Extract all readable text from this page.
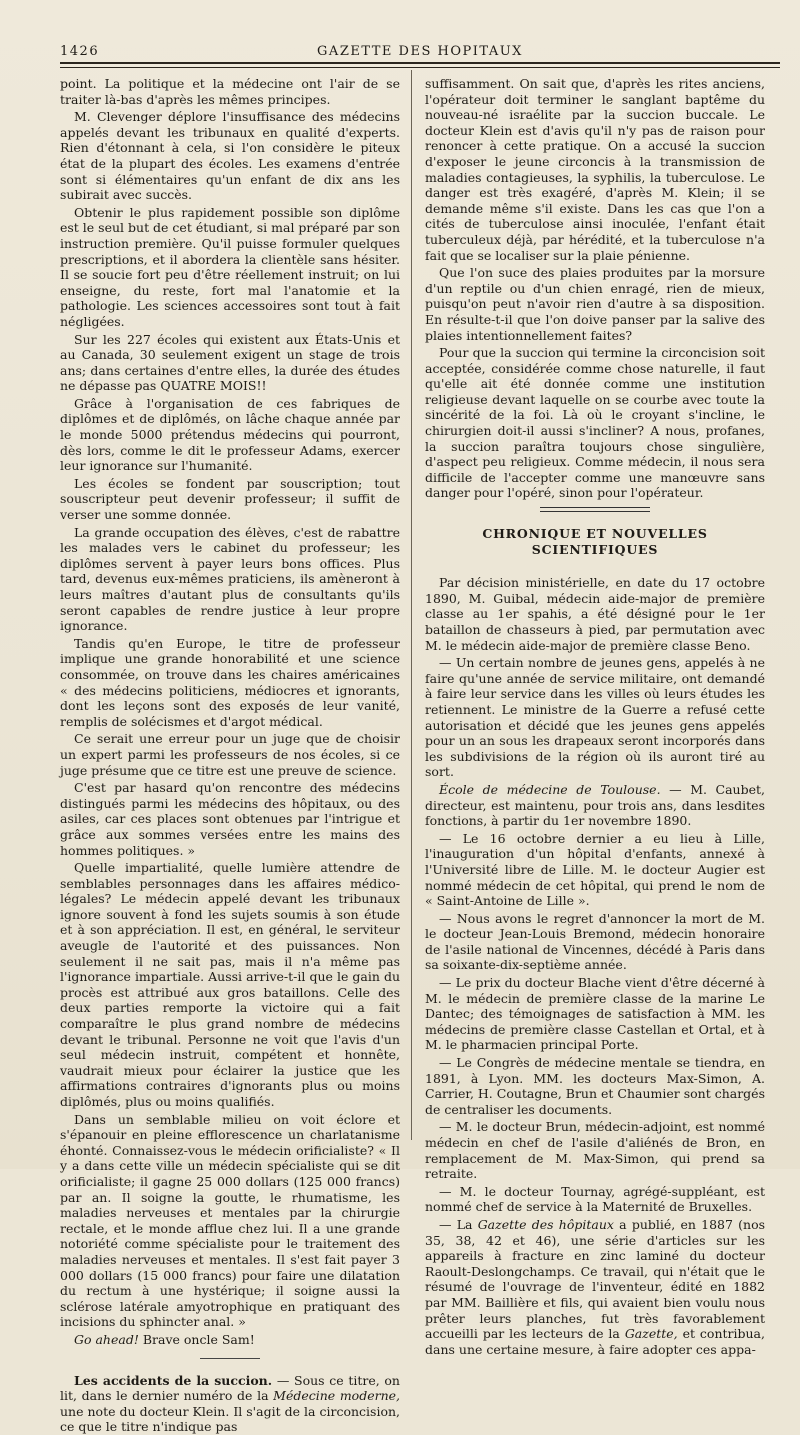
1426	GAZETTE DES HOPITAUX

point. La politique et la médecine ont l'air de se traiter là-bas d'après les mêmes principes.

M. Clevenger déplore l'insuffisance des médecins appelés devant les tribunaux en qualité d'experts. Rien d'étonnant à cela, si l'on considère le piteux état de la plupart des écoles. Les examens d'entrée sont si élémentaires qu'un enfant de dix ans les subirait avec succès.

Obtenir le plus rapidement possible son diplôme est le seul but de cet étudiant, si mal préparé par son instruction première. Qu'il puisse formuler quelques prescriptions, et il abordera la clientèle sans hésiter. Il se soucie fort peu d'être réellement instruit; on lui enseigne, du reste, fort mal l'anatomie et la pathologie. Les sciences accessoires sont tout à fait négligées.

Sur les 227 écoles qui existent aux États-Unis et au Canada, 30 seulement exigent un stage de trois ans; dans certaines d'entre elles, la durée des études ne dépasse pas QUATRE MOIS!!

Grâce à l'organisation de ces fabriques de diplômes et de diplômés, on lâche chaque année par le monde 5000 prétendus médecins qui pourront, dès lors, comme le dit le professeur Adams, exercer leur ignorance sur l'humanité.

Les écoles se fondent par souscription; tout souscripteur peut devenir professeur; il suffit de verser une somme donnée.

La grande occupation des élèves, c'est de rabattre les malades vers le cabinet du professeur; les diplômes servent à payer leurs bons offices. Plus tard, devenus eux-mêmes praticiens, ils amèneront à leurs maîtres d'autant plus de consultants qu'ils seront capables de rendre justice à leur propre ignorance.

Tandis qu'en Europe, le titre de professeur implique une grande honorabilité et une science consommée, on trouve dans les chaires américaines « des médecins politiciens, médiocres et ignorants, dont les leçons sont des exposés de leur vanité, remplis de solécismes et d'argot médical.

Ce serait une erreur pour un juge que de choisir un expert parmi les professeurs de nos écoles, si ce juge présume que ce titre est une preuve de science.

C'est par hasard qu'on rencontre des médecins distingués parmi les médecins des hôpitaux, ou des asiles, car ces places sont obtenues par l'intrigue et grâce aux sommes versées entre les mains des hommes politiques. »

Quelle impartialité, quelle lumière attendre de semblables personnages dans les affaires médico-légales? Le médecin appelé devant les tribunaux ignore souvent à fond les sujets soumis à son étude et à son appréciation. Il est, en général, le serviteur aveugle de l'autorité et des puissances. Non seulement il ne sait pas, mais il n'a même pas l'ignorance impartiale. Aussi arrive-t-il que le gain du procès est attribué aux gros bataillons. Celle des deux parties remporte la victoire qui a fait comparaître le plus grand nombre de médecins devant le tribunal. Personne ne voit que l'avis d'un seul médecin instruit, compétent et honnête, vaudrait mieux pour éclairer la justice que les affirmations contraires d'ignorants plus ou moins diplômés, plus ou moins qualifiés.

Dans un semblable milieu on voit éclore et s'épanouir en pleine efflorescence un charlatanisme éhonté. Connaissez-vous le médecin orificialiste? « Il y a dans cette ville un médecin spécialiste qui se dit orificialiste; il gagne 25 000 dollars (125 000 francs) par an. Il soigne la goutte, le rhumatisme, les maladies nerveuses et mentales par la chirurgie rectale, et le monde afflue chez lui. Il a une grande notoriété comme spécialiste pour le traitement des maladies nerveuses et mentales. Il s'est fait payer 3 000 dollars (15 000 francs) pour faire une dilatation du rectum à une hystérique; il soigne aussi la sclérose latérale amyotrophique en pratiquant des incisions du sphincter anal. »

Go ahead! Brave oncle Sam!

Les accidents de la succion. — Sous ce titre, on lit, dans le dernier numéro de la Médecine moderne, une note du docteur Klein. Il s'agit de la circoncision, ce que le titre n'indique pas

suffisamment. On sait que, d'après les rites anciens, l'opérateur doit terminer le sanglant baptême du nouveau-né israélite par la succion buccale. Le docteur Klein est d'avis qu'il n'y pas de raison pour renoncer à cette pratique. On a accusé la succion d'exposer le jeune circoncis à la transmission de maladies contagieuses, la syphilis, la tuberculose. Le danger est très exagéré, d'après M. Klein; il se demande même s'il existe. Dans les cas que l'on a cités de tuberculose ainsi inoculée, l'enfant était tuberculeux déjà, par hérédité, et la tuberculose n'a fait que se localiser sur la plaie pénienne.

Que l'on suce des plaies produites par la morsure d'un reptile ou d'un chien enragé, rien de mieux, puisqu'on peut n'avoir rien d'autre à sa disposition. En résulte-t-il que l'on doive panser par la salive des plaies intentionnellement faites?

Pour que la succion qui termine la circoncision soit acceptée, considérée comme chose naturelle, il faut qu'elle ait été donnée comme une institution religieuse devant laquelle on se courbe avec toute la sincérité de la foi. Là où le croyant s'incline, le chirurgien doit-il aussi s'incliner? A nous, profanes, la succion paraîtra toujours chose singulière, d'aspect peu religieux. Comme médecin, il nous sera difficile de l'accepter comme une manœuvre sans danger pour l'opéré, sinon pour l'opérateur.

CHRONIQUE ET NOUVELLES SCIENTIFIQUES

Par décision ministérielle, en date du 17 octobre 1890, M. Guibal, médecin aide-major de première classe au 1er spahis, a été désigné pour le 1er bataillon de chasseurs à pied, par permutation avec M. le médecin aide-major de première classe Beno.

— Un certain nombre de jeunes gens, appelés à ne faire qu'une année de service militaire, ont demandé à faire leur service dans les villes où leurs études les retiennent. Le ministre de la Guerre a refusé cette autorisation et décidé que les jeunes gens appelés pour un an sous les drapeaux seront incorporés dans les subdivisions de la région où ils auront tiré au sort.

École de médecine de Toulouse. — M. Caubet, directeur, est maintenu, pour trois ans, dans lesdites fonctions, à partir du 1er novembre 1890.

— Le 16 octobre dernier a eu lieu à Lille, l'inauguration d'un hôpital d'enfants, annexé à l'Université libre de Lille. M. le docteur Augier est nommé médecin de cet hôpital, qui prend le nom de « Saint-Antoine de Lille ».

— Nous avons le regret d'annoncer la mort de M. le docteur Jean-Louis Bremond, médecin honoraire de l'asile national de Vincennes, décédé à Paris dans sa soixante-dix-septième année.

— Le prix du docteur Blache vient d'être décerné à M. le médecin de première classe de la marine Le Dantec; des témoignages de satisfaction à MM. les médecins de première classe Castellan et Ortal, et à M. le pharmacien principal Porte.

— Le Congrès de médecine mentale se tiendra, en 1891, à Lyon. MM. les docteurs Max-Simon, A. Carrier, H. Coutagne, Brun et Chaumier sont chargés de centraliser les documents.

— M. le docteur Brun, médecin-adjoint, est nommé médecin en chef de l'asile d'aliénés de Bron, en remplacement de M. Max-Simon, qui prend sa retraite.

— M. le docteur Tournay, agrégé-suppléant, est nommé chef de service à la Maternité de Bruxelles.

— La Gazette des hôpitaux a publié, en 1887 (nos 35, 38, 42 et 46), une série d'articles sur les appareils à fracture en zinc laminé du docteur Raoult-Deslongchamps. Ce travail, qui n'était que le résumé de l'ouvrage de l'inventeur, édité en 1882 par MM. Baillière et fils, qui avaient bien voulu nous prêter leurs planches, fut très favorablement accueilli par les lecteurs de la Gazette, et contribua, dans une certaine mesure, à faire adopter ces appa-
